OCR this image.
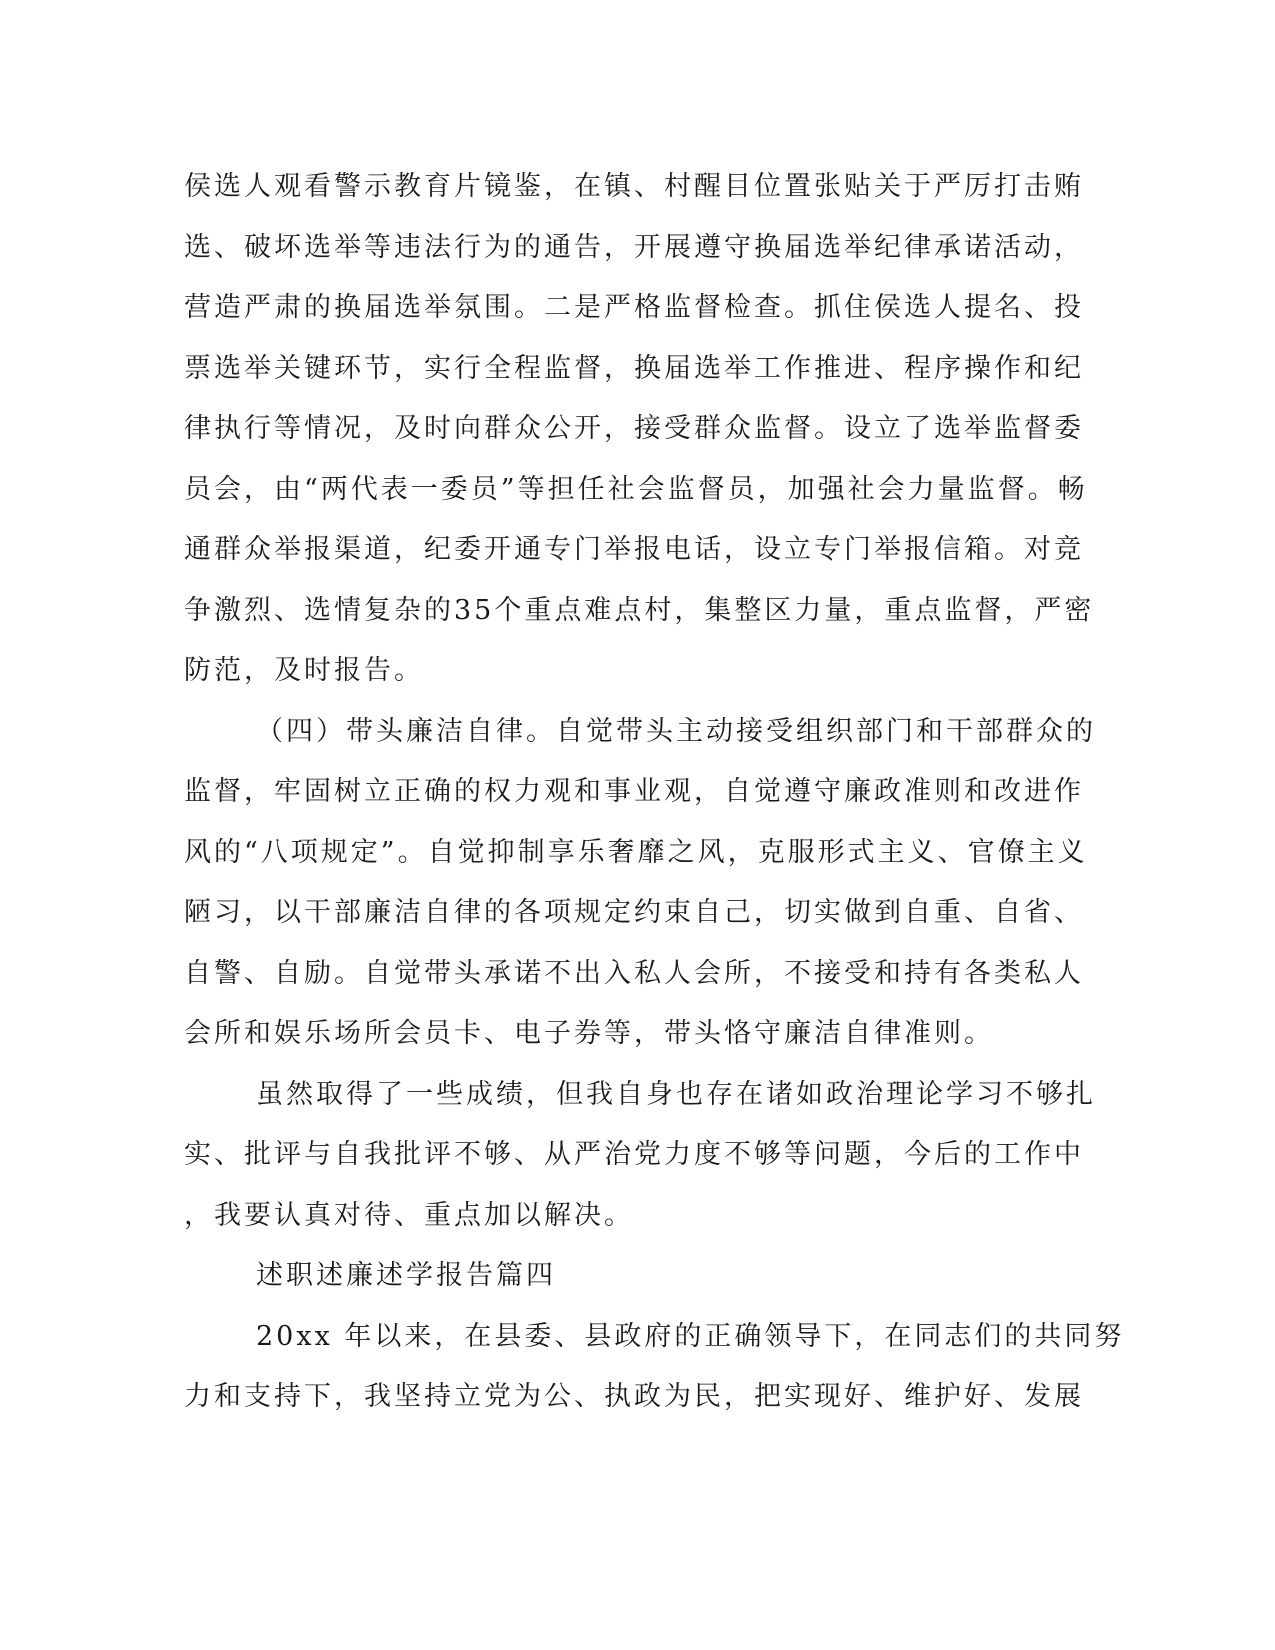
侯选人观看警示教育片镜鉴，在镇、村醒目位置张贴关于严厉打击贿
选、破坏选举等违法行为的通告，开展遵守换届选举纪律承诺活动，
营造严肃的换届选举氛围。二是严格监督检查。抓住侯选人提名、投
票选举关键环节，实行全程监督，换届选举工作推进、程序操作和纪
律执行等情况，及时向群众公开，接受群众监督。设立了选举监督委
员会，由“两代表一委员”等担任社会监督员，加强社会力量监督。畅
通群众举报渠道，纪委开通专门举报电话，设立专门举报信箱。对竞
争激烈、选情复杂的35个重点难点村，集整区力量，重点监督，严密
防范，及时报告。
（四）带头廉洁自律。自觉带头主动接受组织部门和干部群众的
监督，牢固树立正确的权力观和事业观，自觉遵守廉政准则和改进作
风的“八项规定”。自觉抑制享乐奢靡之风，克服形式主义、官僚主义
陋习，以干部廉洁自律的各项规定约束自己，切实做到自重、自省、
自警、自励。自觉带头承诺不出入私人会所，不接受和持有各类私人
会所和娱乐场所会员卡、电子券等，带头恪守廉洁自律准则。
虽然取得了一些成绩，但我自身也存在诸如政治理论学习不够扎
实、批评与自我批评不够、从严治党力度不够等问题，今后的工作中
，我要认真对待、重点加以解决。
述职述廉述学报告篇四
20xx 年以来，在县委、县政府的正确领导下，在同志们的共同努
力和支持下，我坚持立党为公、执政为民，把实现好、维护好、发展
